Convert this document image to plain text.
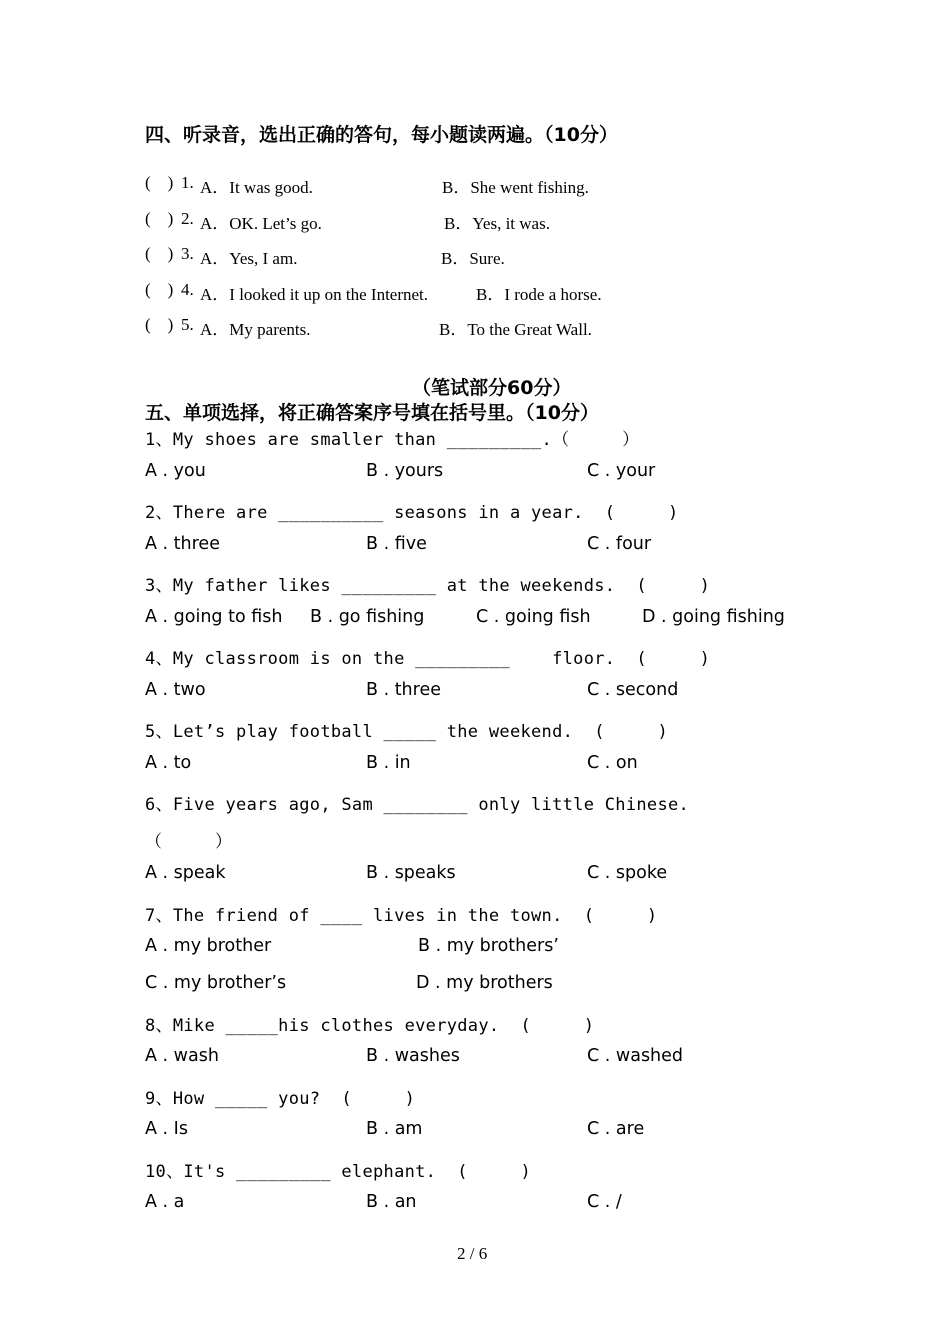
四、听录音，选出正确的答句，每小题读两遍。（10分）
(    ) 1. A．It was good.	B．She went fishing.
(    ) 2. A．OK. Let’s go.	B．Yes, it was.
(    ) 3. A．Yes, I am.	B．Sure.
(    ) 4. A．I looked it up on the Internet.	B．I rode a horse.
(    ) 5. A．My parents.	B．To the Great Wall.
（笔试部分60分）
五、单项选择，将正确答案序号填在括号里。（10分）
1、My shoes are smaller than _________.（     ）
A . you	B . yours	C . your
2、There are __________ seasons in a year.  (     )
A . three	B . five	C . four
3、My father likes _________ at the weekends.  (     )
A . going to fish B . go fishing	C . going fish	D . going fishing
4、My classroom is on the _________    floor.  (     )
A . two	B . three	C . second
5、Let’s play football _____ the weekend.  (     )
A . to	B . in	C . on
6、Five years ago, Sam ________ only little Chinese.
（     ）
A . speak	B . speaks	C . spoke
7、The friend of ____ lives in the town.  (     )
A . my brother	B . my brothers’
C . my brother’s	D . my brothers
8、Mike _____his clothes everyday.  (     )
A . wash	B . washes	C . washed
9、How _____ you?  (     )
A . Is	B . am	C . are
10、It's _________ elephant.  (     )
A . a	B . an	C . /
2 / 6
